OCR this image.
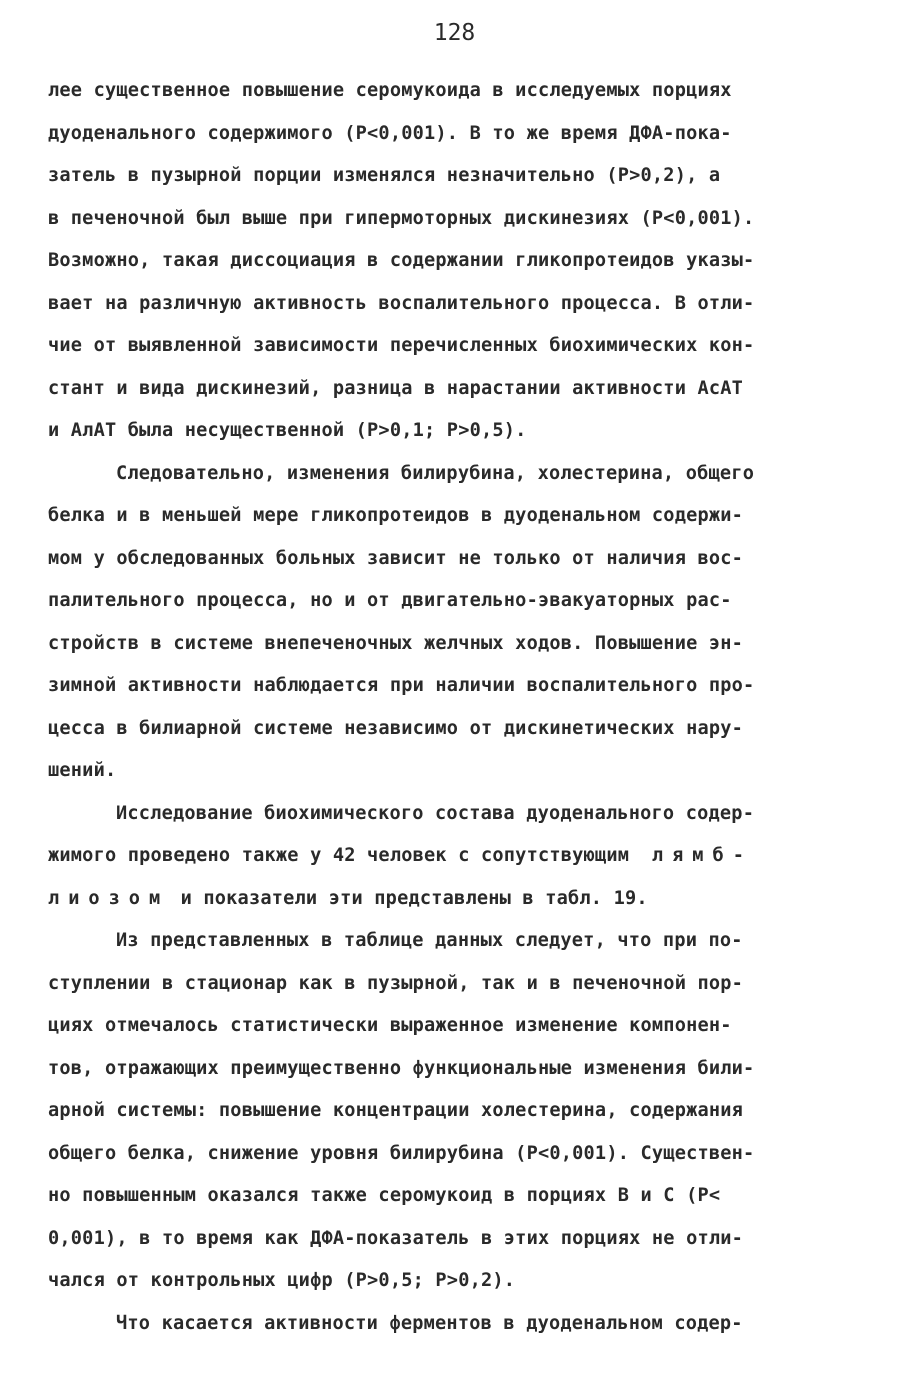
128
лее существенное повышение серомукоида в исследуемых порциях
дуоденального содержимого (P<0,001). В то же время ДФА-пока-
затель в пузырной порции изменялся незначительно (P>0,2), а
в печеночной был выше при гипермоторных дискинезиях (P<0,001).
Возможно, такая диссоциация в содержании гликопротеидов указы-
вает на различную активность воспалительного процесса. В отли-
чие от выявленной зависимости перечисленных биохимических кон-
стант и вида дискинезий, разница в нарастании активности АсАТ
и АлАТ была несущественной (P>0,1; P>0,5).
Следовательно, изменения билирубина, холестерина, общего
белка и в меньшей мере гликопротеидов в дуоденальном содержи-
мом у обследованных больных зависит не только от наличия вос-
палительного процесса, но и от двигательно-эвакуаторных рас-
стройств в системе внепеченочных желчных ходов. Повышение эн-
зимной активности наблюдается при наличии воспалительного про-
цесса в билиарной системе независимо от дискинетических нару-
шений.
Исследование биохимического состава дуоденального содер-
жимого проведено также у 42 человек с сопутствующим лямб-
лиозом и показатели эти представлены в табл. 19.
Из представленных в таблице данных следует, что при по-
ступлении в стационар как в пузырной, так и в печеночной пор-
циях отмечалось статистически выраженное изменение компонен-
тов, отражающих преимущественно функциональные изменения били-
арной системы: повышение концентрации холестерина, содержания
общего белка, снижение уровня билирубина (P<0,001). Существен-
но повышенным оказался также серомукоид в порциях В и С (P<
0,001), в то время как ДФА-показатель в этих порциях не отли-
чался от контрольных цифр (P>0,5; P>0,2).
Что касается активности ферментов в дуоденальном содер-
